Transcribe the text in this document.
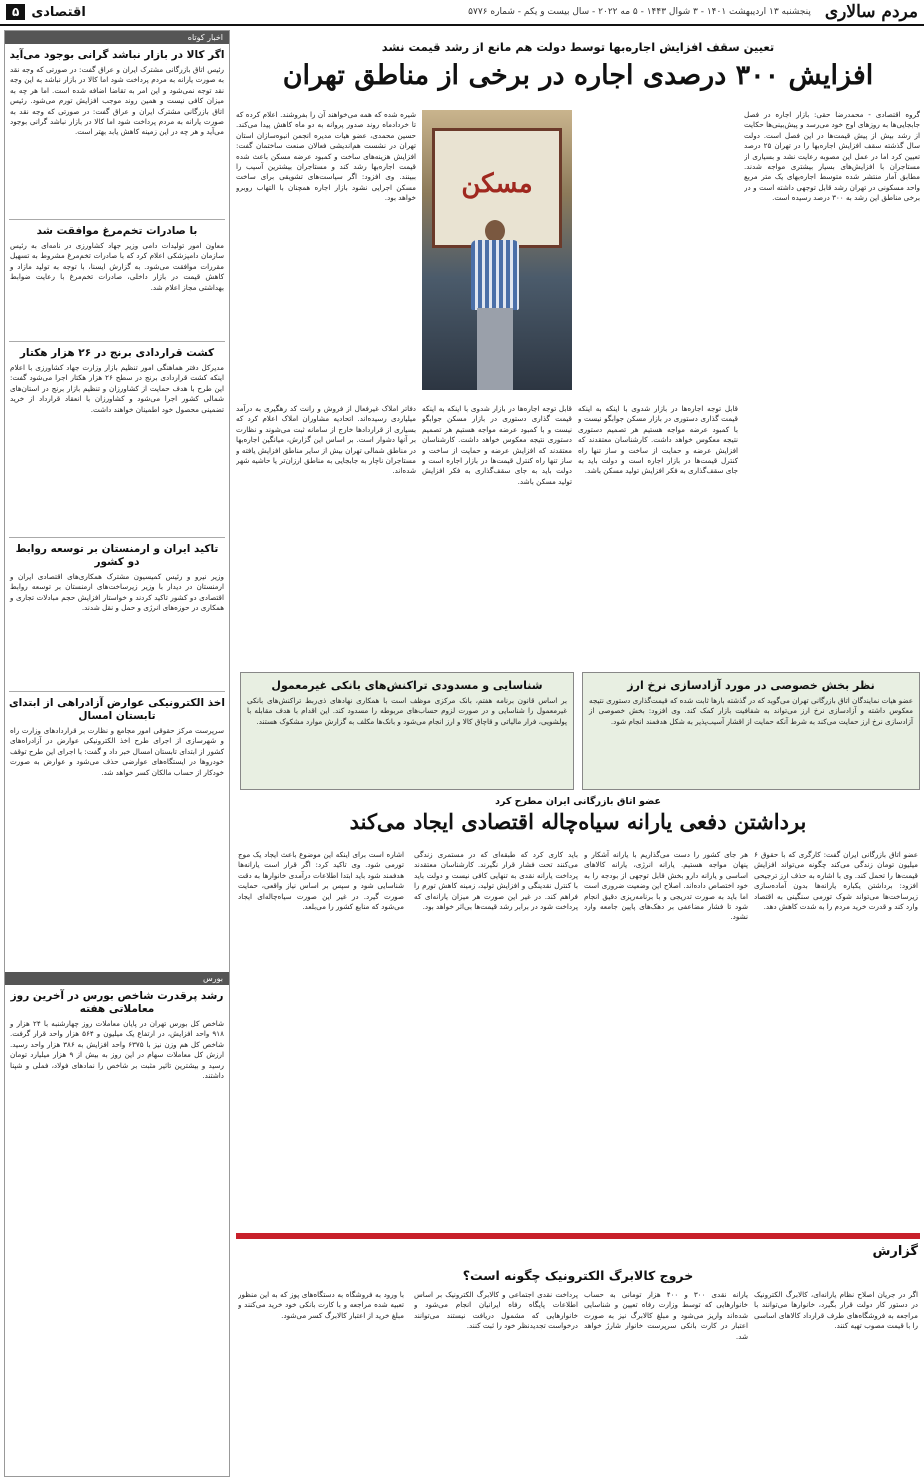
مردم سالاری
پنجشنبه ۱۳ اردیبهشت ۱۴۰۱ - ۳ شوال ۱۴۴۳ - ۵ مه ۲۰۲۲ - سال بیست و یکم - شماره ۵۷۷۶
اقتصادی
۵
اخبار کوتاه
اگر کالا در بازار نباشد گرانی بوجود می‌آید
رئیس اتاق بازرگانی مشترک ایران و عراق گفت: در صورتی که وجه نقد به صورت یارانه به مردم پرداخت شود اما کالا در بازار نباشد به این وجه نقد توجه نمی‌شود و این امر به تقاضا اضافه شده است. اما هر چه به میزان کافی نیست و همین روند موجب افزایش تورم می‌شود. رئیس اتاق بازرگانی مشترک ایران و عراق گفت: در صورتی که وجه نقد به صورت یارانه به مردم پرداخت شود اما کالا در بازار نباشد گرانی بوجود می‌آید و هر چه در این زمینه کاهش یابد بهتر است.
با صادرات تخم‌مرغ موافقت شد
معاون امور تولیدات دامی وزیر جهاد کشاورزی در نامه‌ای به رئیس سازمان دامپزشکی اعلام کرد که با صادرات تخم‌مرغ مشروط به تسهیل مقررات موافقت می‌شود. به گزارش ایسنا، با توجه به تولید مازاد و کاهش قیمت در بازار داخلی، صادرات تخم‌مرغ با رعایت ضوابط بهداشتی مجاز اعلام شد.
کشت قراردادی برنج در ۲۶ هزار هکتار
مدیرکل دفتر هماهنگی امور تنظیم بازار وزارت جهاد کشاورزی با اعلام اینکه کشت قراردادی برنج در سطح ۲۶ هزار هکتار اجرا می‌شود گفت: این طرح با هدف حمایت از کشاورزان و تنظیم بازار برنج در استان‌های شمالی کشور اجرا می‌شود و کشاورزان با انعقاد قرارداد از خرید تضمینی محصول خود اطمینان خواهند داشت.
تاکید ایران و ارمنستان بر توسعه روابط دو کشور
وزیر نیرو و رئیس کمیسیون مشترک همکاری‌های اقتصادی ایران و ارمنستان در دیدار با وزیر زیرساخت‌های ارمنستان بر توسعه روابط اقتصادی دو کشور تاکید کردند و خواستار افزایش حجم مبادلات تجاری و همکاری در حوزه‌های انرژی و حمل و نقل شدند.
اخذ الکترونیکی عوارض آزادراهی از ابتدای تابستان امسال
سرپرست مرکز حقوقی امور مجامع و نظارت بر قراردادهای وزارت راه و شهرسازی از اجرای طرح اخذ الکترونیکی عوارض در آزادراه‌های کشور از ابتدای تابستان امسال خبر داد و گفت: با اجرای این طرح توقف خودروها در ایستگاه‌های عوارضی حذف می‌شود و عوارض به صورت خودکار از حساب مالکان کسر خواهد شد.
بورس
رشد پرقدرت شاخص بورس در آخرین روز معاملاتی هفته
شاخص کل بورس تهران در پایان معاملات روز چهارشنبه با ۲۴ هزار و ۹۱۸ واحد افزایش، در ارتفاع یک میلیون و ۵۶۴ هزار واحد قرار گرفت. شاخص کل هم وزن نیز با ۶۳۷۵ واحد افزایش به ۳۸۶ هزار واحد رسید. ارزش کل معاملات سهام در این روز به بیش از ۹ هزار میلیارد تومان رسید و بیشترین تاثیر مثبت بر شاخص را نمادهای فولاد، فملی و شپنا داشتند.
تعیین سقف افزایش اجاره‌بها توسط دولت هم مانع از رشد قیمت نشد
افزایش ۳۰۰ درصدی اجاره در برخی از مناطق تهران
گروه اقتصادی - محمدرضا حقی: بازار اجاره در فصل جابجایی‌ها به روزهای اوج خود می‌رسد و پیش‌بینی‌ها حکایت از رشد بیش از پیش قیمت‌ها در این فصل است. دولت سال گذشته سقف افزایش اجاره‌بها را در تهران ۲۵ درصد تعیین کرد اما در عمل این مصوبه رعایت نشد و بسیاری از مستاجران با افزایش‌های بسیار بیشتری مواجه شدند. مطابق آمار منتشر شده متوسط اجاره‌بهای یک متر مربع واحد مسکونی در تهران رشد قابل توجهی داشته است و در برخی مناطق این رشد به ۳۰۰ درصد رسیده است.
مسکن
شیره شده که همه می‌خواهند آن را بفروشند. اعلام کرده که تا خردادماه روند صدور پروانه به دو ماه کاهش پیدا می‌کند. حسین محمدی، عضو هیات مدیره انجمن انبوه‌سازان استان تهران در نشست هم‌اندیشی فعالان صنعت ساختمان گفت: افزایش هزینه‌های ساخت و کمبود عرضه مسکن باعث شده قیمت اجاره‌بها رشد کند و مستاجران بیشترین آسیب را ببینند. وی افزود: اگر سیاست‌های تشویقی برای ساخت مسکن اجرایی نشود بازار اجاره همچنان با التهاب روبرو خواهد بود.
قابل توجه اجاره‌ها در بازار شدوی با اینکه به اینکه قیمت گذاری دستوری در بازار مسکن جوابگو نیست و با کمبود عرضه مواجه هستیم هر تصمیم دستوری نتیجه معکوس خواهد داشت. کارشناسان معتقدند که افزایش عرضه و حمایت از ساخت و ساز تنها راه کنترل قیمت‌ها در بازار اجاره است و دولت باید به جای سقف‌گذاری به فکر افزایش تولید مسکن باشد.
دفاتر املاک غیرفعال از فروش و رانت کد رهگیری به درآمد میلیاردی رسیده‌اند. اتحادیه مشاوران املاک اعلام کرد که بسیاری از قراردادها خارج از سامانه ثبت می‌شوند و نظارت بر آنها دشوار است. بر اساس این گزارش، میانگین اجاره‌بها در مناطق شمالی تهران بیش از سایر مناطق افزایش یافته و مستاجران ناچار به جابجایی به مناطق ارزان‌تر یا حاشیه شهر شده‌اند.
قابل توجه اجاره‌ها در بازار شدوی با اینکه به اینکه قیمت گذاری دستوری در بازار مسکن جوابگو نیست و با کمبود عرضه مواجه هستیم هر تصمیم دستوری نتیجه معکوس خواهد داشت. کارشناسان معتقدند که افزایش عرضه و حمایت از ساخت و ساز تنها راه کنترل قیمت‌ها در بازار اجاره است و دولت باید به جای سقف‌گذاری به فکر افزایش تولید مسکن باشد.
نظر بخش خصوصی در مورد آزادسازی نرخ ارز
عضو هیات نمایندگان اتاق بازرگانی تهران می‌گوید که در گذشته بارها ثابت شده که قیمت‌گذاری دستوری نتیجه معکوس داشته و آزادسازی نرخ ارز می‌تواند به شفافیت بازار کمک کند. وی افزود: بخش خصوصی از آزادسازی نرخ ارز حمایت می‌کند به شرط آنکه حمایت از اقشار آسیب‌پذیر به شکل هدفمند انجام شود.
شناسایی و مسدودی تراکنش‌های بانکی غیرمعمول
بر اساس قانون برنامه هفتم، بانک مرکزی موظف است با همکاری نهادهای ذی‌ربط تراکنش‌های بانکی غیرمعمول را شناسایی و در صورت لزوم حساب‌های مربوطه را مسدود کند. این اقدام با هدف مقابله با پولشویی، فرار مالیاتی و قاچاق کالا و ارز انجام می‌شود و بانک‌ها مکلف به گزارش موارد مشکوک هستند.
عضو اتاق بازرگانی ایران مطرح کرد
برداشتن دفعی یارانه سیاه‌چاله اقتصادی ایجاد می‌کند
عضو اتاق بازرگانی ایران گفت: کارگری که با حقوق ۶ میلیون تومان زندگی می‌کند چگونه می‌تواند افزایش قیمت‌ها را تحمل کند. وی با اشاره به حذف ارز ترجیحی افزود: برداشتن یکباره یارانه‌ها بدون آماده‌سازی زیرساخت‌ها می‌تواند شوک تورمی سنگینی به اقتصاد وارد کند و قدرت خرید مردم را به شدت کاهش دهد.
هر جای کشور را دست می‌گذاریم با یارانه آشکار و پنهان مواجه هستیم. یارانه انرژی، یارانه کالاهای اساسی و یارانه دارو بخش قابل توجهی از بودجه را به خود اختصاص داده‌اند. اصلاح این وضعیت ضروری است اما باید به صورت تدریجی و با برنامه‌ریزی دقیق انجام شود تا فشار مضاعفی بر دهک‌های پایین جامعه وارد نشود.
باید کاری کرد که طبقه‌ای که در مستمری زندگی می‌کنند تحت فشار قرار نگیرند. کارشناسان معتقدند پرداخت یارانه نقدی به تنهایی کافی نیست و دولت باید با کنترل نقدینگی و افزایش تولید، زمینه کاهش تورم را فراهم کند. در غیر این صورت هر میزان یارانه‌ای که پرداخت شود در برابر رشد قیمت‌ها بی‌اثر خواهد بود.
اشاره است برای اینکه این موضوع باعث ایجاد یک موج تورمی شود. وی تاکید کرد: اگر قرار است یارانه‌ها هدفمند شود باید ابتدا اطلاعات درآمدی خانوارها به دقت شناسایی شود و سپس بر اساس نیاز واقعی، حمایت صورت گیرد. در غیر این صورت سیاه‌چاله‌ای ایجاد می‌شود که منابع کشور را می‌بلعد.
گزارش
خروج کالابرگ الکترونیک چگونه است؟
اگر در جریان اصلاح نظام یارانه‌ای، کالابرگ الکترونیک در دستور کار دولت قرار بگیرد، خانوارها می‌توانند با مراجعه به فروشگاه‌های طرف قرارداد کالاهای اساسی را با قیمت مصوب تهیه کنند.
یارانه نقدی ۳۰۰ و ۴۰۰ هزار تومانی به حساب خانوارهایی که توسط وزارت رفاه تعیین و شناسایی شده‌اند واریز می‌شود و مبلغ کالابرگ نیز به صورت اعتبار در کارت بانکی سرپرست خانوار شارژ خواهد شد.
پرداخت نقدی اجتماعی و کالابرگ الکترونیک بر اساس اطلاعات پایگاه رفاه ایرانیان انجام می‌شود و خانوارهایی که مشمول دریافت نیستند می‌توانند درخواست تجدیدنظر خود را ثبت کنند.
با ورود به فروشگاه به دستگاه‌های پوز که به این منظور تعبیه شده مراجعه و با کارت بانکی خود خرید می‌کنند و مبلغ خرید از اعتبار کالابرگ کسر می‌شود.
